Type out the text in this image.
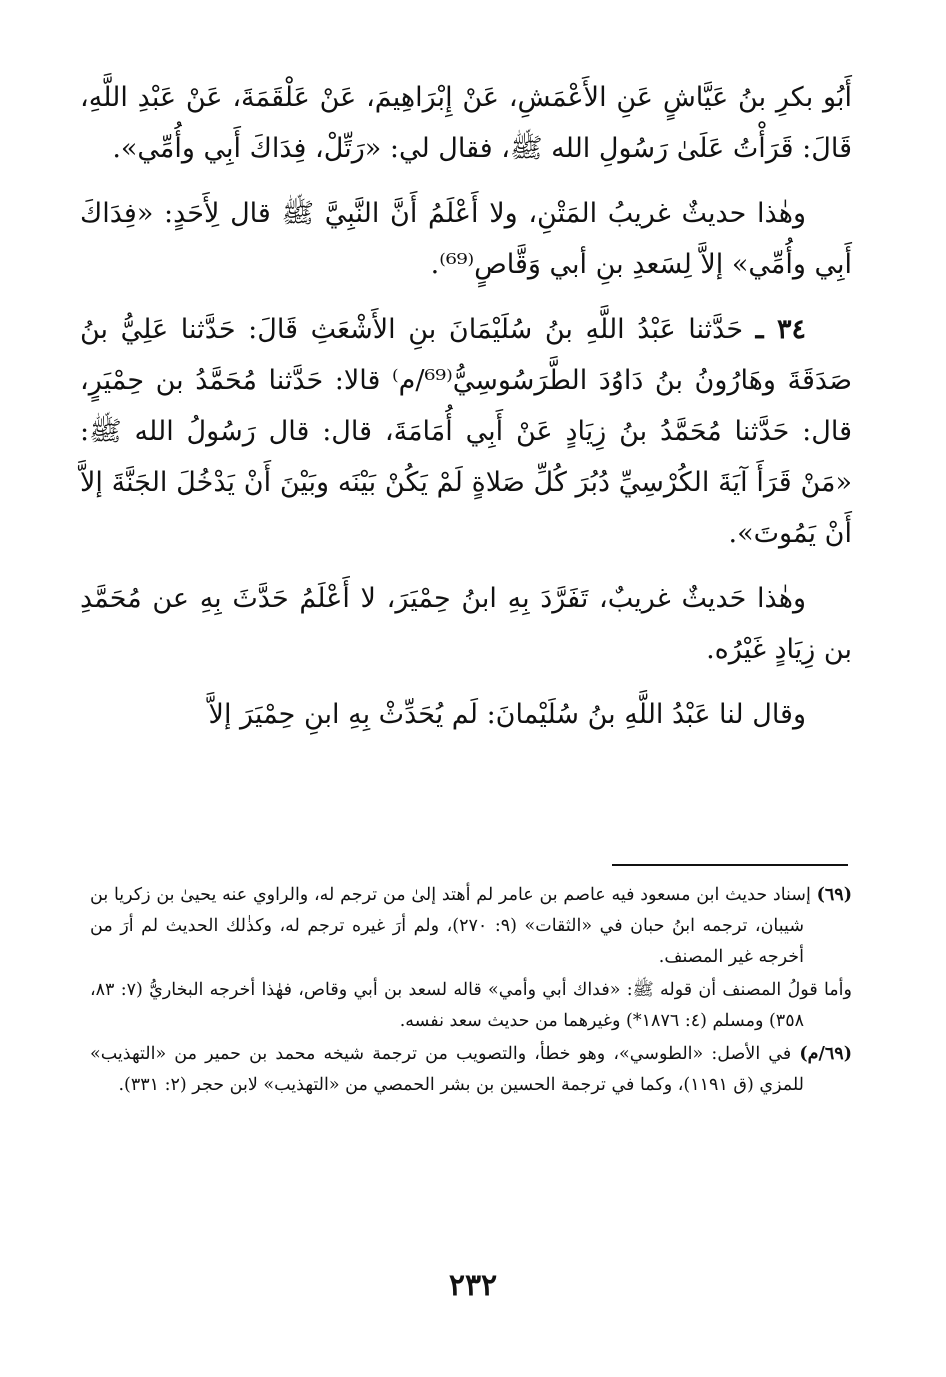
أَبُو بكرِ بنُ عَيَّاشٍ عَنِ الأَعْمَشِ، عَنْ إِبْرَاهِيمَ، عَنْ عَلْقَمَةَ، عَنْ عَبْدِ اللَّهِ، قَالَ: قَرَأْتُ عَلَىٰ رَسُولِ الله ﷺ، فقال لي: «رَتِّلْ، فِدَاكَ أَبِي وأُمِّي».

وهٰذا حديثٌ غريبُ المَتْنِ، ولا أَعْلَمُ أَنَّ النَّبِيَّ ﷺ قال لِأَحَدٍ: «فِدَاكَ أَبِي وأُمِّي» إلاَّ لِسَعدِ بنِ أبي وَقَّاصٍ⁽⁶⁹⁾.

٣٤ ـ حَدَّثنا عَبْدُ اللَّهِ بنُ سُلَيْمَانَ بنِ الأَشْعَثِ قَالَ: حَدَّثنا عَلِيُّ بنُ صَدَقَةَ وهَارُونُ بنُ دَاوُدَ الطَّرَسُوسِيُّ⁽⁶⁹/م⁾ قالا: حَدَّثنا مُحَمَّدُ بن حِمْيَرٍ، قال: حَدَّثنا مُحَمَّدُ بنُ زِيَادٍ عَنْ أَبِي أُمَامَةَ، قال: قال رَسُولُ الله ﷺ: «مَنْ قَرَأَ آيَةَ الكُرْسِيِّ دُبُرَ كُلِّ صَلاةٍ لَمْ يَكُنْ بَيْنَه وبَيْنَ أَنْ يَدْخُلَ الجَنَّةَ إلاَّ أَنْ يَمُوتَ».

وهٰذا حَديثٌ غريبٌ، تَفَرَّدَ بِهِ ابنُ حِمْيَرَ، لا أَعْلَمُ حَدَّثَ بِهِ عن مُحَمَّدِ بن زِيَادٍ غَيْرُه.

وقال لنا عَبْدُ اللَّهِ بنُ سُلَيْمانَ: لَم يُحَدِّثْ بِهِ ابنِ حِمْيَرَ إلاَّ

(٦٩) إسناد حديث ابن مسعود فيه عاصم بن عامر لم أهتد إلىٰ من ترجم له، والراوي عنه يحيىٰ بن زكريا بن شيبان، ترجمه ابنُ حبان في «الثقات» (٩: ٢٧٠)، ولم أرَ غيره ترجم له، وكذٰلك الحديث لم أرَ من أخرجه غير المصنف.

وأما قولُ المصنف أن قوله ﷺ: «فداك أبي وأمي» قاله لسعد بن أبي وقاص، فهٰذا أخرجه البخاريُّ (٧: ٨٣، ٣٥٨) ومسلم (٤: ١٨٧٦*) وغيرهما من حديث سعد نفسه.

(٦٩/م) في الأصل: «الطوسي»، وهو خطأ، والتصويب من ترجمة شيخه محمد بن حمير من «التهذيب» للمزي (ق ١١٩١)، وكما في ترجمة الحسين بن بشر الحمصي من «التهذيب» لابن حجر (٢: ٣٣١).

٢٣٢
